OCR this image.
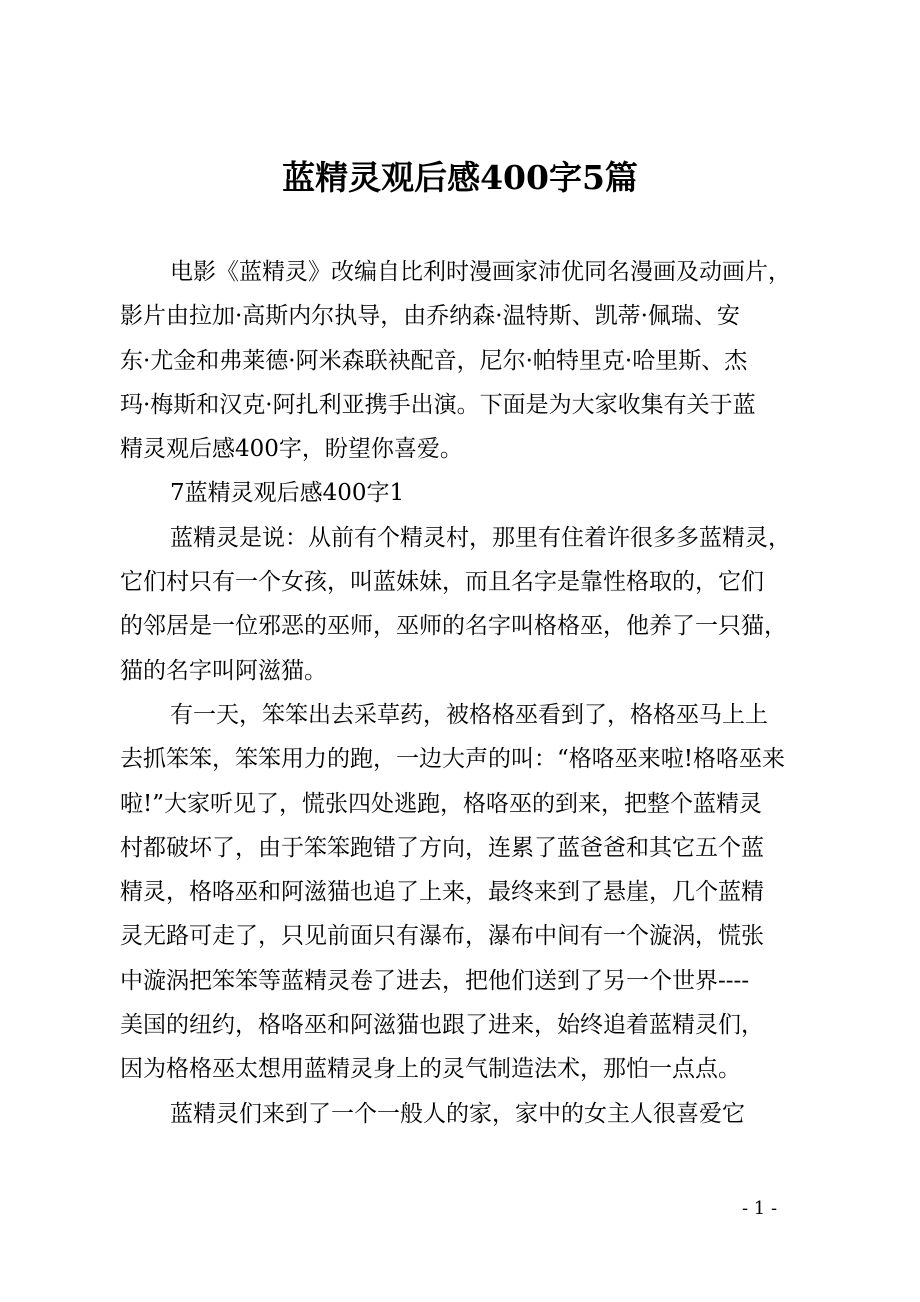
蓝精灵观后感400字5篇
电影《蓝精灵》改编自比利时漫画家沛优同名漫画及动画片，
影片由拉加·高斯内尔执导，由乔纳森·温特斯、凯蒂·佩瑞、安
东·尤金和弗莱德·阿米森联袂配音，尼尔·帕特里克·哈里斯、杰
玛·梅斯和汉克·阿扎利亚携手出演。下面是为大家收集有关于蓝
精灵观后感400字，盼望你喜爱。
7蓝精灵观后感400字1
蓝精灵是说：从前有个精灵村，那里有住着许很多多蓝精灵，
它们村只有一个女孩，叫蓝妹妹，而且名字是靠性格取的，它们
的邻居是一位邪恶的巫师，巫师的名字叫格格巫，他养了一只猫，
猫的名字叫阿滋猫。
有一天，笨笨出去采草药，被格格巫看到了，格格巫马上上
去抓笨笨，笨笨用力的跑，一边大声的叫：“格咯巫来啦!格咯巫来
啦!”大家听见了，慌张四处逃跑，格咯巫的到来，把整个蓝精灵
村都破坏了，由于笨笨跑错了方向，连累了蓝爸爸和其它五个蓝
精灵，格咯巫和阿滋猫也追了上来，最终来到了悬崖，几个蓝精
灵无路可走了，只见前面只有瀑布，瀑布中间有一个漩涡，慌张
中漩涡把笨笨等蓝精灵卷了进去，把他们送到了另一个世界----
美国的纽约，格咯巫和阿滋猫也跟了进来，始终追着蓝精灵们，
因为格格巫太想用蓝精灵身上的灵气制造法术，那怕一点点。
蓝精灵们来到了一个一般人的家，家中的女主人很喜爱它
- 1 -
